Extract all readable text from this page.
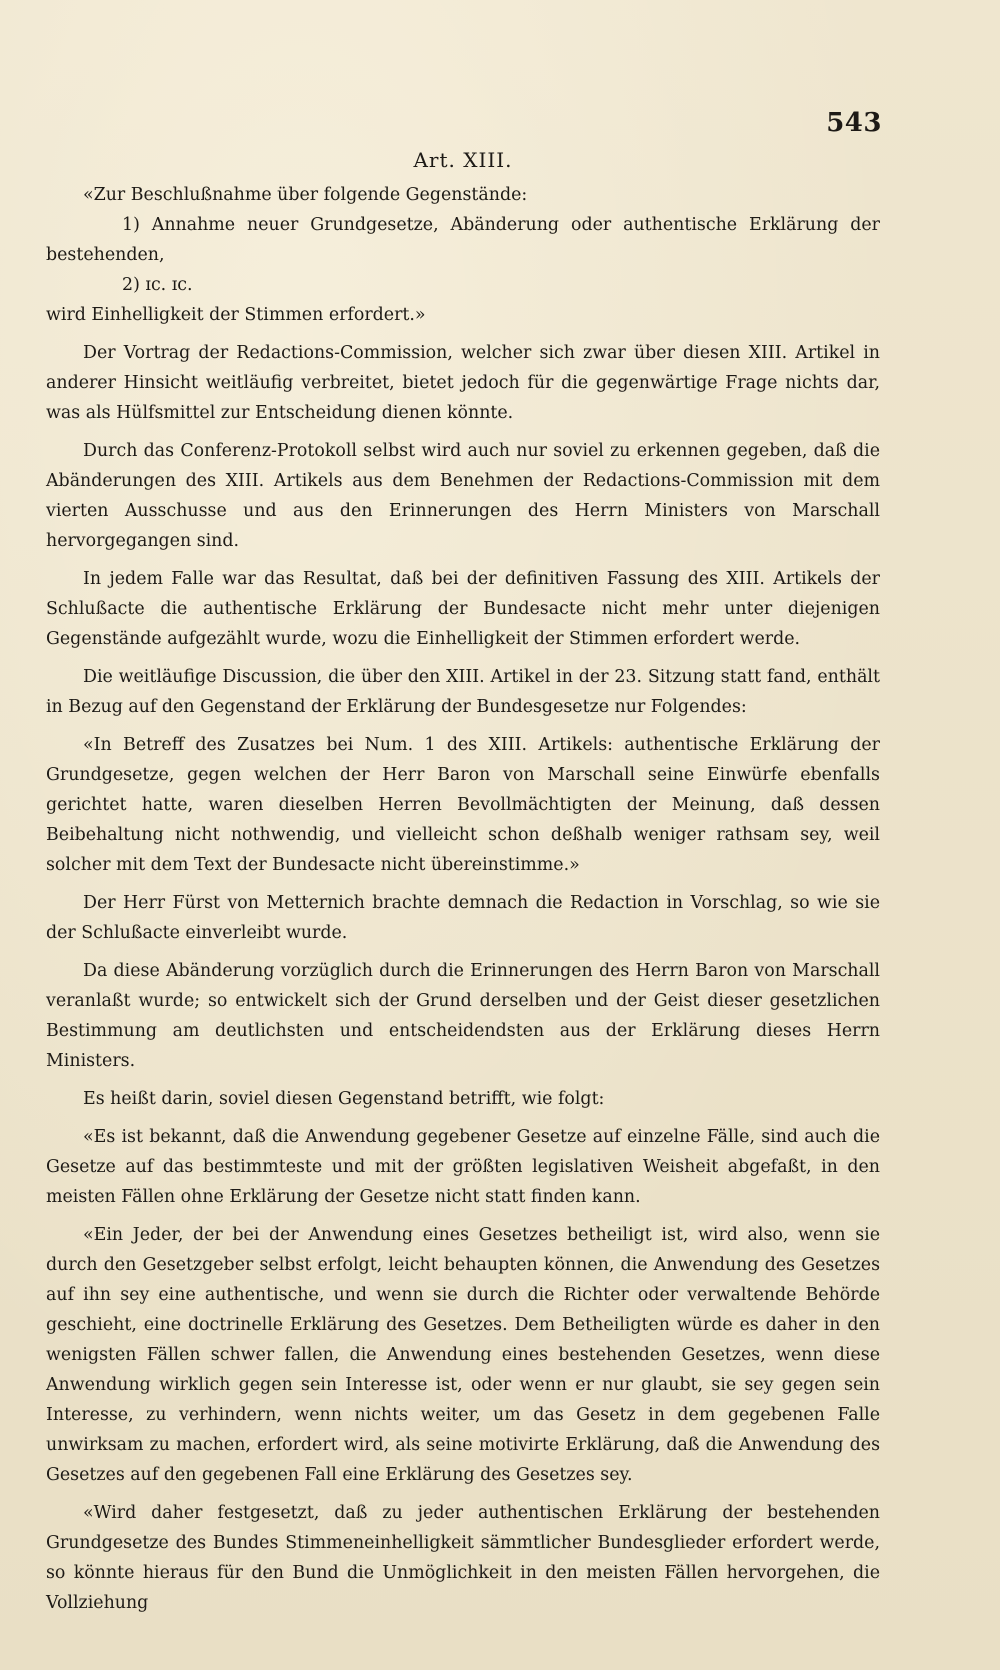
543
Art. XIII.

«Zur Beschlußnahme über folgende Gegenstände:

1) Annahme neuer Grundgesetze, Abänderung oder authentische Erklärung der bestehenden,

2) ɪc. ɪc.

wird Einhelligkeit der Stimmen erfordert.»

Der Vortrag der Redactions-Commission, welcher sich zwar über diesen XIII. Artikel in anderer Hinsicht weitläufig verbreitet, bietet jedoch für die gegenwärtige Frage nichts dar, was als Hülfsmittel zur Entscheidung dienen könnte.

Durch das Conferenz-Protokoll selbst wird auch nur soviel zu erkennen gegeben, daß die Abänderungen des XIII. Artikels aus dem Benehmen der Redactions-Commission mit dem vierten Ausschusse und aus den Erinnerungen des Herrn Ministers von Marschall hervorgegangen sind.

In jedem Falle war das Resultat, daß bei der definitiven Fassung des XIII. Artikels der Schlußacte die authentische Erklärung der Bundesacte nicht mehr unter diejenigen Gegenstände aufgezählt wurde, wozu die Einhelligkeit der Stimmen erfordert werde.

Die weitläufige Discussion, die über den XIII. Artikel in der 23. Sitzung statt fand, enthält in Bezug auf den Gegenstand der Erklärung der Bundesgesetze nur Folgendes:

«In Betreff des Zusatzes bei Num. 1 des XIII. Artikels: authentische Erklärung der Grundgesetze, gegen welchen der Herr Baron von Marschall seine Einwürfe ebenfalls gerichtet hatte, waren dieselben Herren Bevollmächtigten der Meinung, daß dessen Beibehaltung nicht nothwendig, und vielleicht schon deßhalb weniger rathsam sey, weil solcher mit dem Text der Bundesacte nicht übereinstimme.»

Der Herr Fürst von Metternich brachte demnach die Redaction in Vorschlag, so wie sie der Schlußacte einverleibt wurde.

Da diese Abänderung vorzüglich durch die Erinnerungen des Herrn Baron von Marschall veranlaßt wurde; so entwickelt sich der Grund derselben und der Geist dieser gesetzlichen Bestimmung am deutlichsten und entscheidendsten aus der Erklärung dieses Herrn Ministers.

Es heißt darin, soviel diesen Gegenstand betrifft, wie folgt:

«Es ist bekannt, daß die Anwendung gegebener Gesetze auf einzelne Fälle, sind auch die Gesetze auf das bestimmteste und mit der größten legislativen Weisheit abgefaßt, in den meisten Fällen ohne Erklärung der Gesetze nicht statt finden kann.

«Ein Jeder, der bei der Anwendung eines Gesetzes betheiligt ist, wird also, wenn sie durch den Gesetzgeber selbst erfolgt, leicht behaupten können, die Anwendung des Gesetzes auf ihn sey eine authentische, und wenn sie durch die Richter oder verwaltende Behörde geschieht, eine doctrinelle Erklärung des Gesetzes. Dem Betheiligten würde es daher in den wenigsten Fällen schwer fallen, die Anwendung eines bestehenden Gesetzes, wenn diese Anwendung wirklich gegen sein Interesse ist, oder wenn er nur glaubt, sie sey gegen sein Interesse, zu verhindern, wenn nichts weiter, um das Gesetz in dem gegebenen Falle unwirksam zu machen, erfordert wird, als seine motivirte Erklärung, daß die Anwendung des Gesetzes auf den gegebenen Fall eine Erklärung des Gesetzes sey.

«Wird daher festgesetzt, daß zu jeder authentischen Erklärung der bestehenden Grundgesetze des Bundes Stimmeneinhelligkeit sämmtlicher Bundesglieder erfordert werde, so könnte hieraus für den Bund die Unmöglichkeit in den meisten Fällen hervorgehen, die Vollziehung
